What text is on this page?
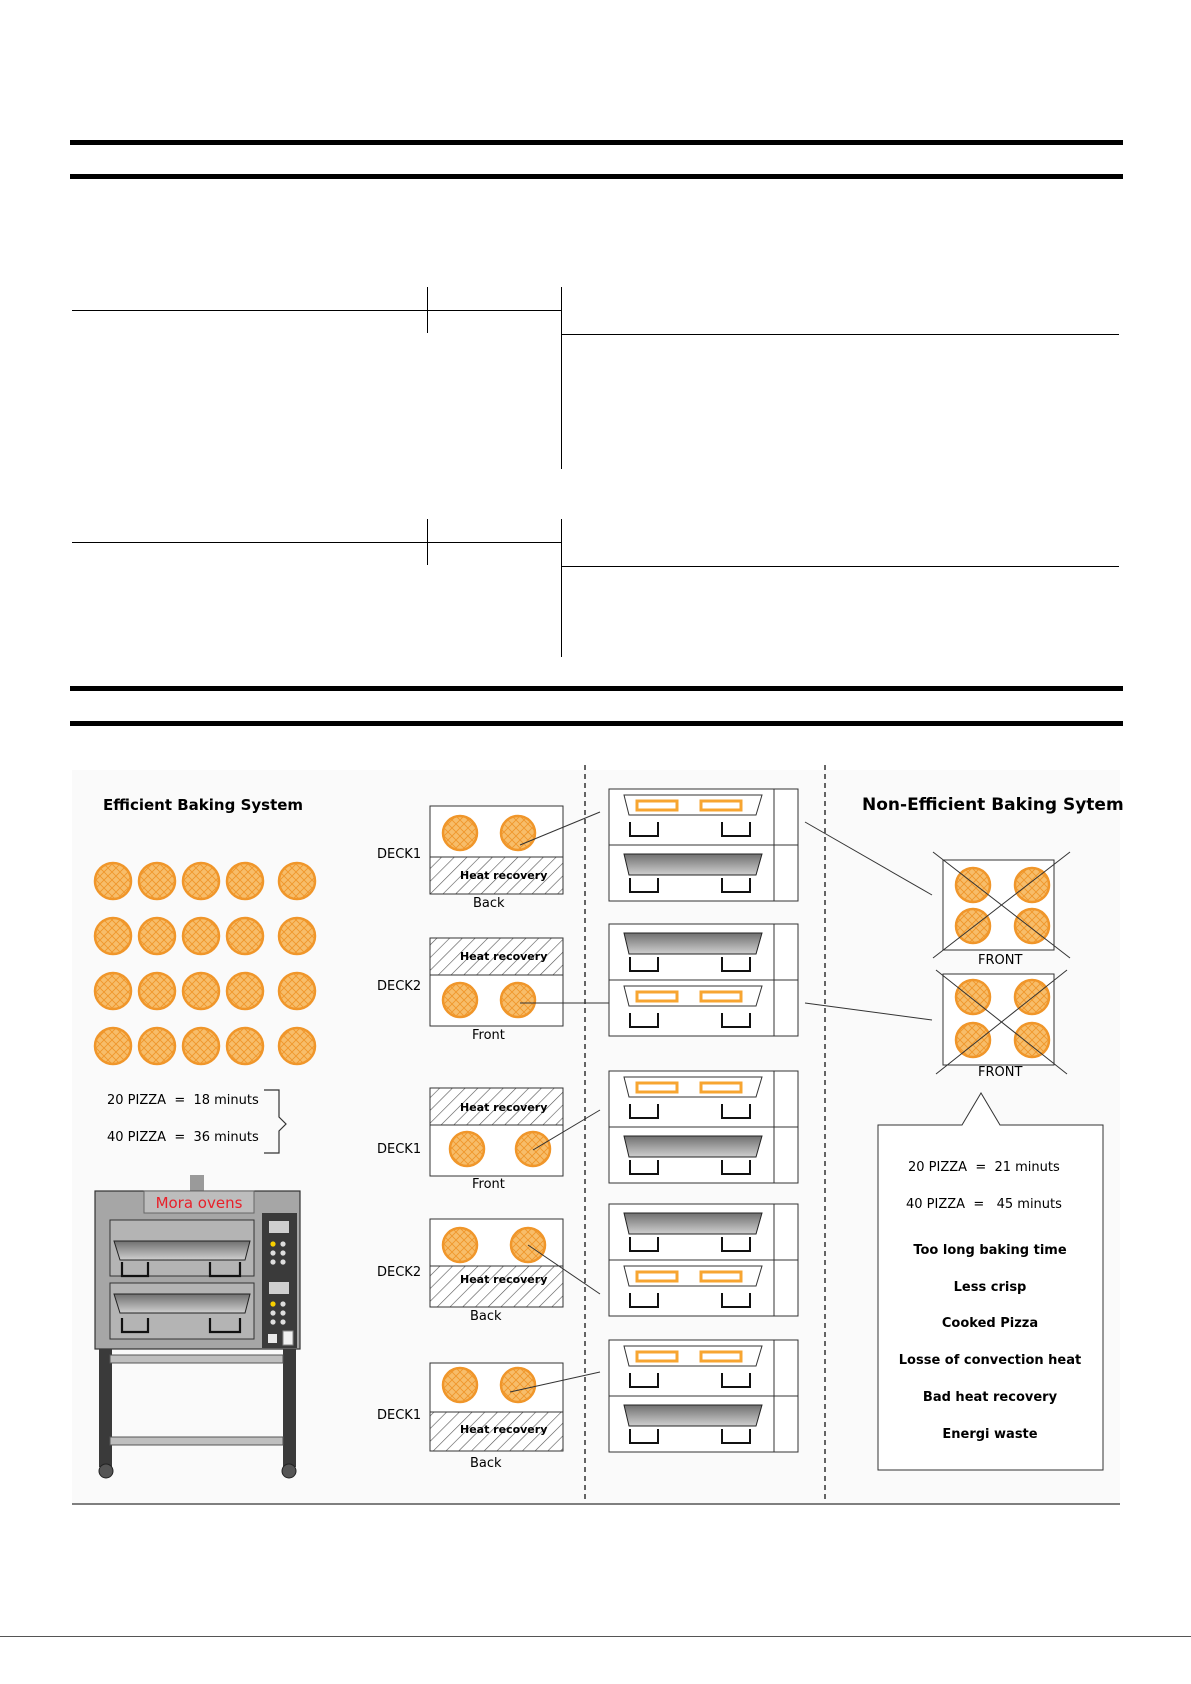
Efficient Baking System
20 PIZZA  =  18 minuts
40 PIZZA  =  36 minuts
Mora ovens
DECK1
Heat recovery
Back
DECK2
Heat recovery
Front
DECK1
Heat recovery
Front
DECK2	Heat recovery
Back
DECK1
Heat recovery
Back
Non-Efficient Baking Sytem
FRONT
FRONT
20 PIZZA  =  21 minuts
40 PIZZA  =   45 minuts
Too long baking time
Less crisp
Cooked Pizza
Losse of convection heat
Bad heat recovery
Energi waste
